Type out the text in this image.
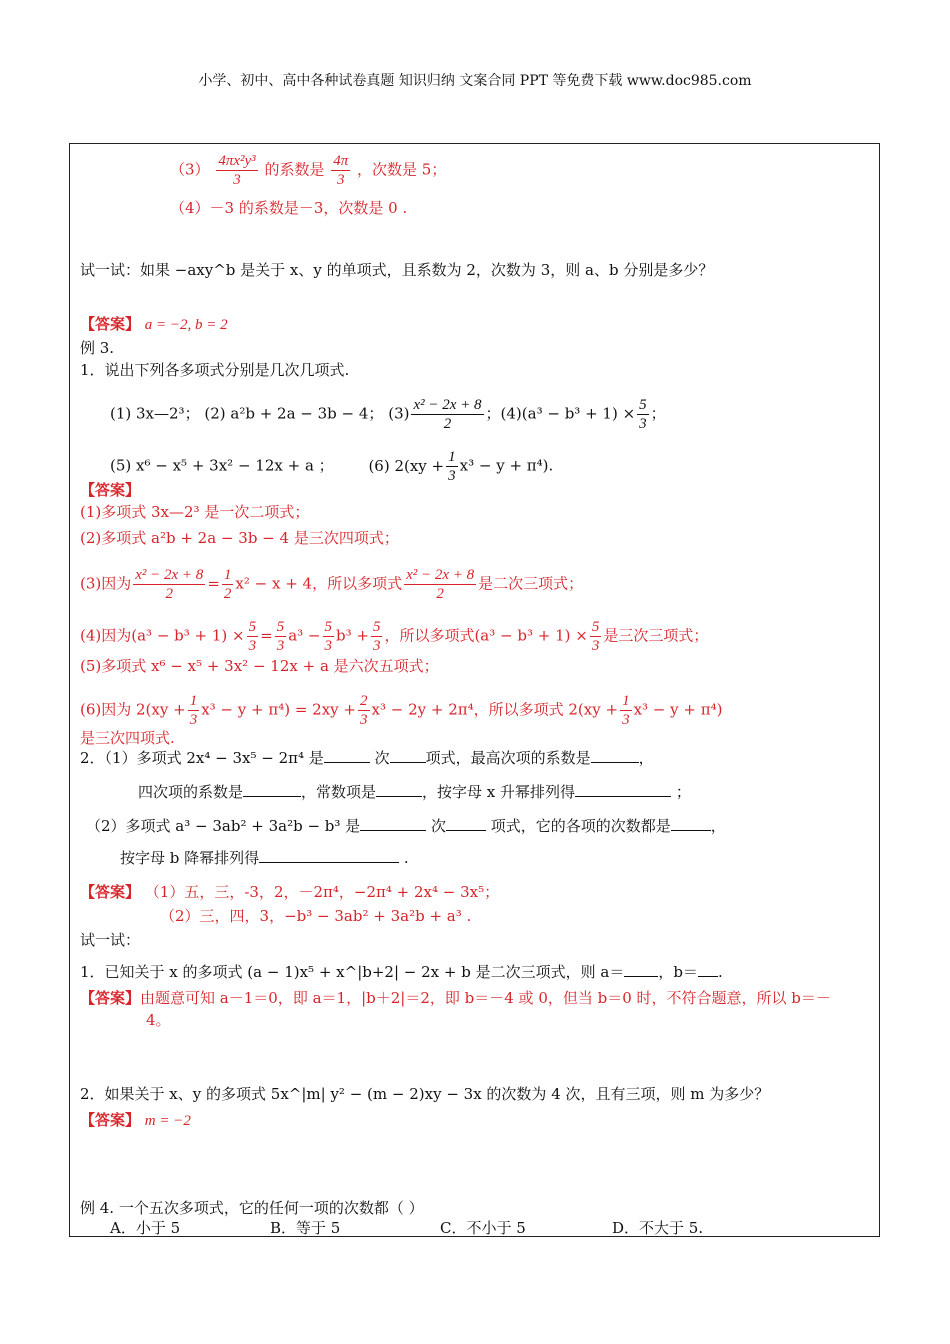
小学、初中、高中各种试卷真题 知识归纳 文案合同 PPT 等免费下载 www.doc985.com
$(3) \frac{\text{4πx²y³}}{3}$ 的系数是 $\frac{4\pi}{3}$ ，次数是 5；
（4）－3 的系数是－3，次数是 0 .
试一试：如果 −axy^b 是关于 x、y 的单项式，且系数为 2，次数为 3，则 a、b 分别是多少？
【答案】 a = −2, b = 2
例 3.
1．说出下列各多项式分别是几次几项式.
(1) 3x—2³； (2) a²b + 2a − 3b − 4； $(3) \frac{\text{x² − 2x + 8}}{2}$ ；$(4)(a^3 - b^3 + 1) \times \frac{5}{3}$ ；
(5) x⁶ − x⁵ + 3x² − 12x + a ； (6) $2(xy + \frac{1}{3} x^3 - y + \pi^4)$.
【答案】
(1)多项式 3x—2³ 是一次二项式；
(2)多项式 a²b + 2a − 3b − 4 是三次四项式；
(3)因为 $\frac{\text{x² − 2x + 8}}{2} = \frac{1}{2} x^2 - x + 4$，所以多项式 $\frac{\text{x² − 2x + 8}}{2}$ 是二次三项式；
(4)因为$(a^3 - b^3 + 1) \times \frac{5}{3} = \frac{5}{3} a^3 - \frac{5}{3} b^3 + \frac{5}{3}$ ，所以多项式$(a^3 - b^3 + 1) \times \frac{5}{3}$ 是三次三项式；
(5)多项式 x⁶ − x⁵ + 3x² − 12x + a 是六次五项式；
(6)因为 $2(xy + \frac{1}{3} x^3 - y + \pi^4) = 2xy + \frac{2}{3} x^3 - 2y + 2\pi^4$，所以多项式 $2(xy + \frac{1}{3} x^3 - y + \pi^4)$
是三次四项式.
2．（1）多项式 2x⁴ − 3x⁵ − 2π⁴ 是	次 项式，最高次项的系数是	，
四次项的系数是	，常数项是	，按字母 x 升幂排列得	；
（2）多项式 a³ − 3ab² + 3a²b − b³ 是	次	项式，它的各项的次数都是	，
按字母 b 降幂排列得	.
【答案】 （1）五，三，-3，2，－2π⁴，−2π⁴ + 2x⁴ − 3x⁵；
（2）三，四，3，−b³ − 3ab² + 3a²b + a³ .
试一试：
1．已知关于 x 的多项式 (a − 1)x⁵ + x^|b+2| − 2x + b 是二次三项式，则 a＝ ，b＝ .
【答案】由题意可知 a－1＝0，即 a＝1，|b＋2|＝2，即 b＝－4 或 0，但当 b＝0 时，不符合题意，所以 b＝－
4。
2．如果关于 x、y 的多项式 5x^|m| y² − (m − 2)xy − 3x 的次数为 4 次，且有三项，则 m 为多少？
【答案】 m = −2
例 4. 一个五次多项式，它的任何一项的次数都（ ）
A．小于 5	B．等于 5	C．不小于 5	D．不大于 5.
